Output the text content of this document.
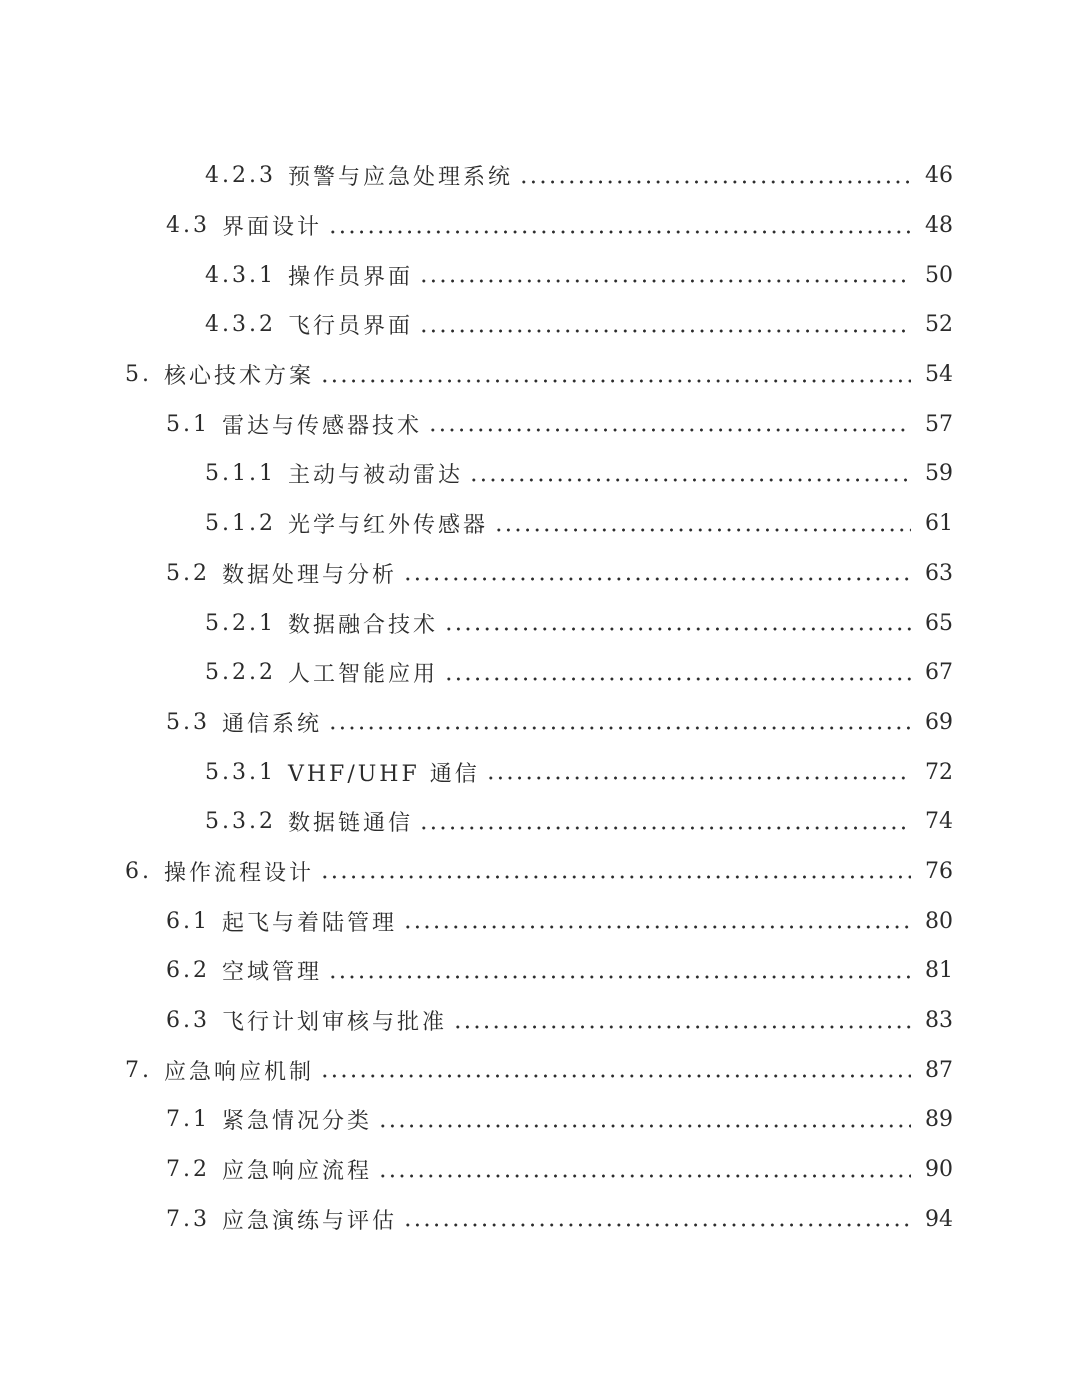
4.2.3 预警与应急处理系统	46
4.3 界面设计	48
4.3.1 操作员界面	50
4.3.2 飞行员界面	52
5. 核心技术方案	54
5.1 雷达与传感器技术	57
5.1.1 主动与被动雷达	59
5.1.2 光学与红外传感器	61
5.2 数据处理与分析	63
5.2.1 数据融合技术	65
5.2.2 人工智能应用	67
5.3 通信系统	69
5.3.1 VHF/UHF 通信	72
5.3.2 数据链通信	74
6. 操作流程设计	76
6.1 起飞与着陆管理	80
6.2 空域管理	81
6.3 飞行计划审核与批准	83
7. 应急响应机制	87
7.1 紧急情况分类	89
7.2 应急响应流程	90
7.3 应急演练与评估	94
